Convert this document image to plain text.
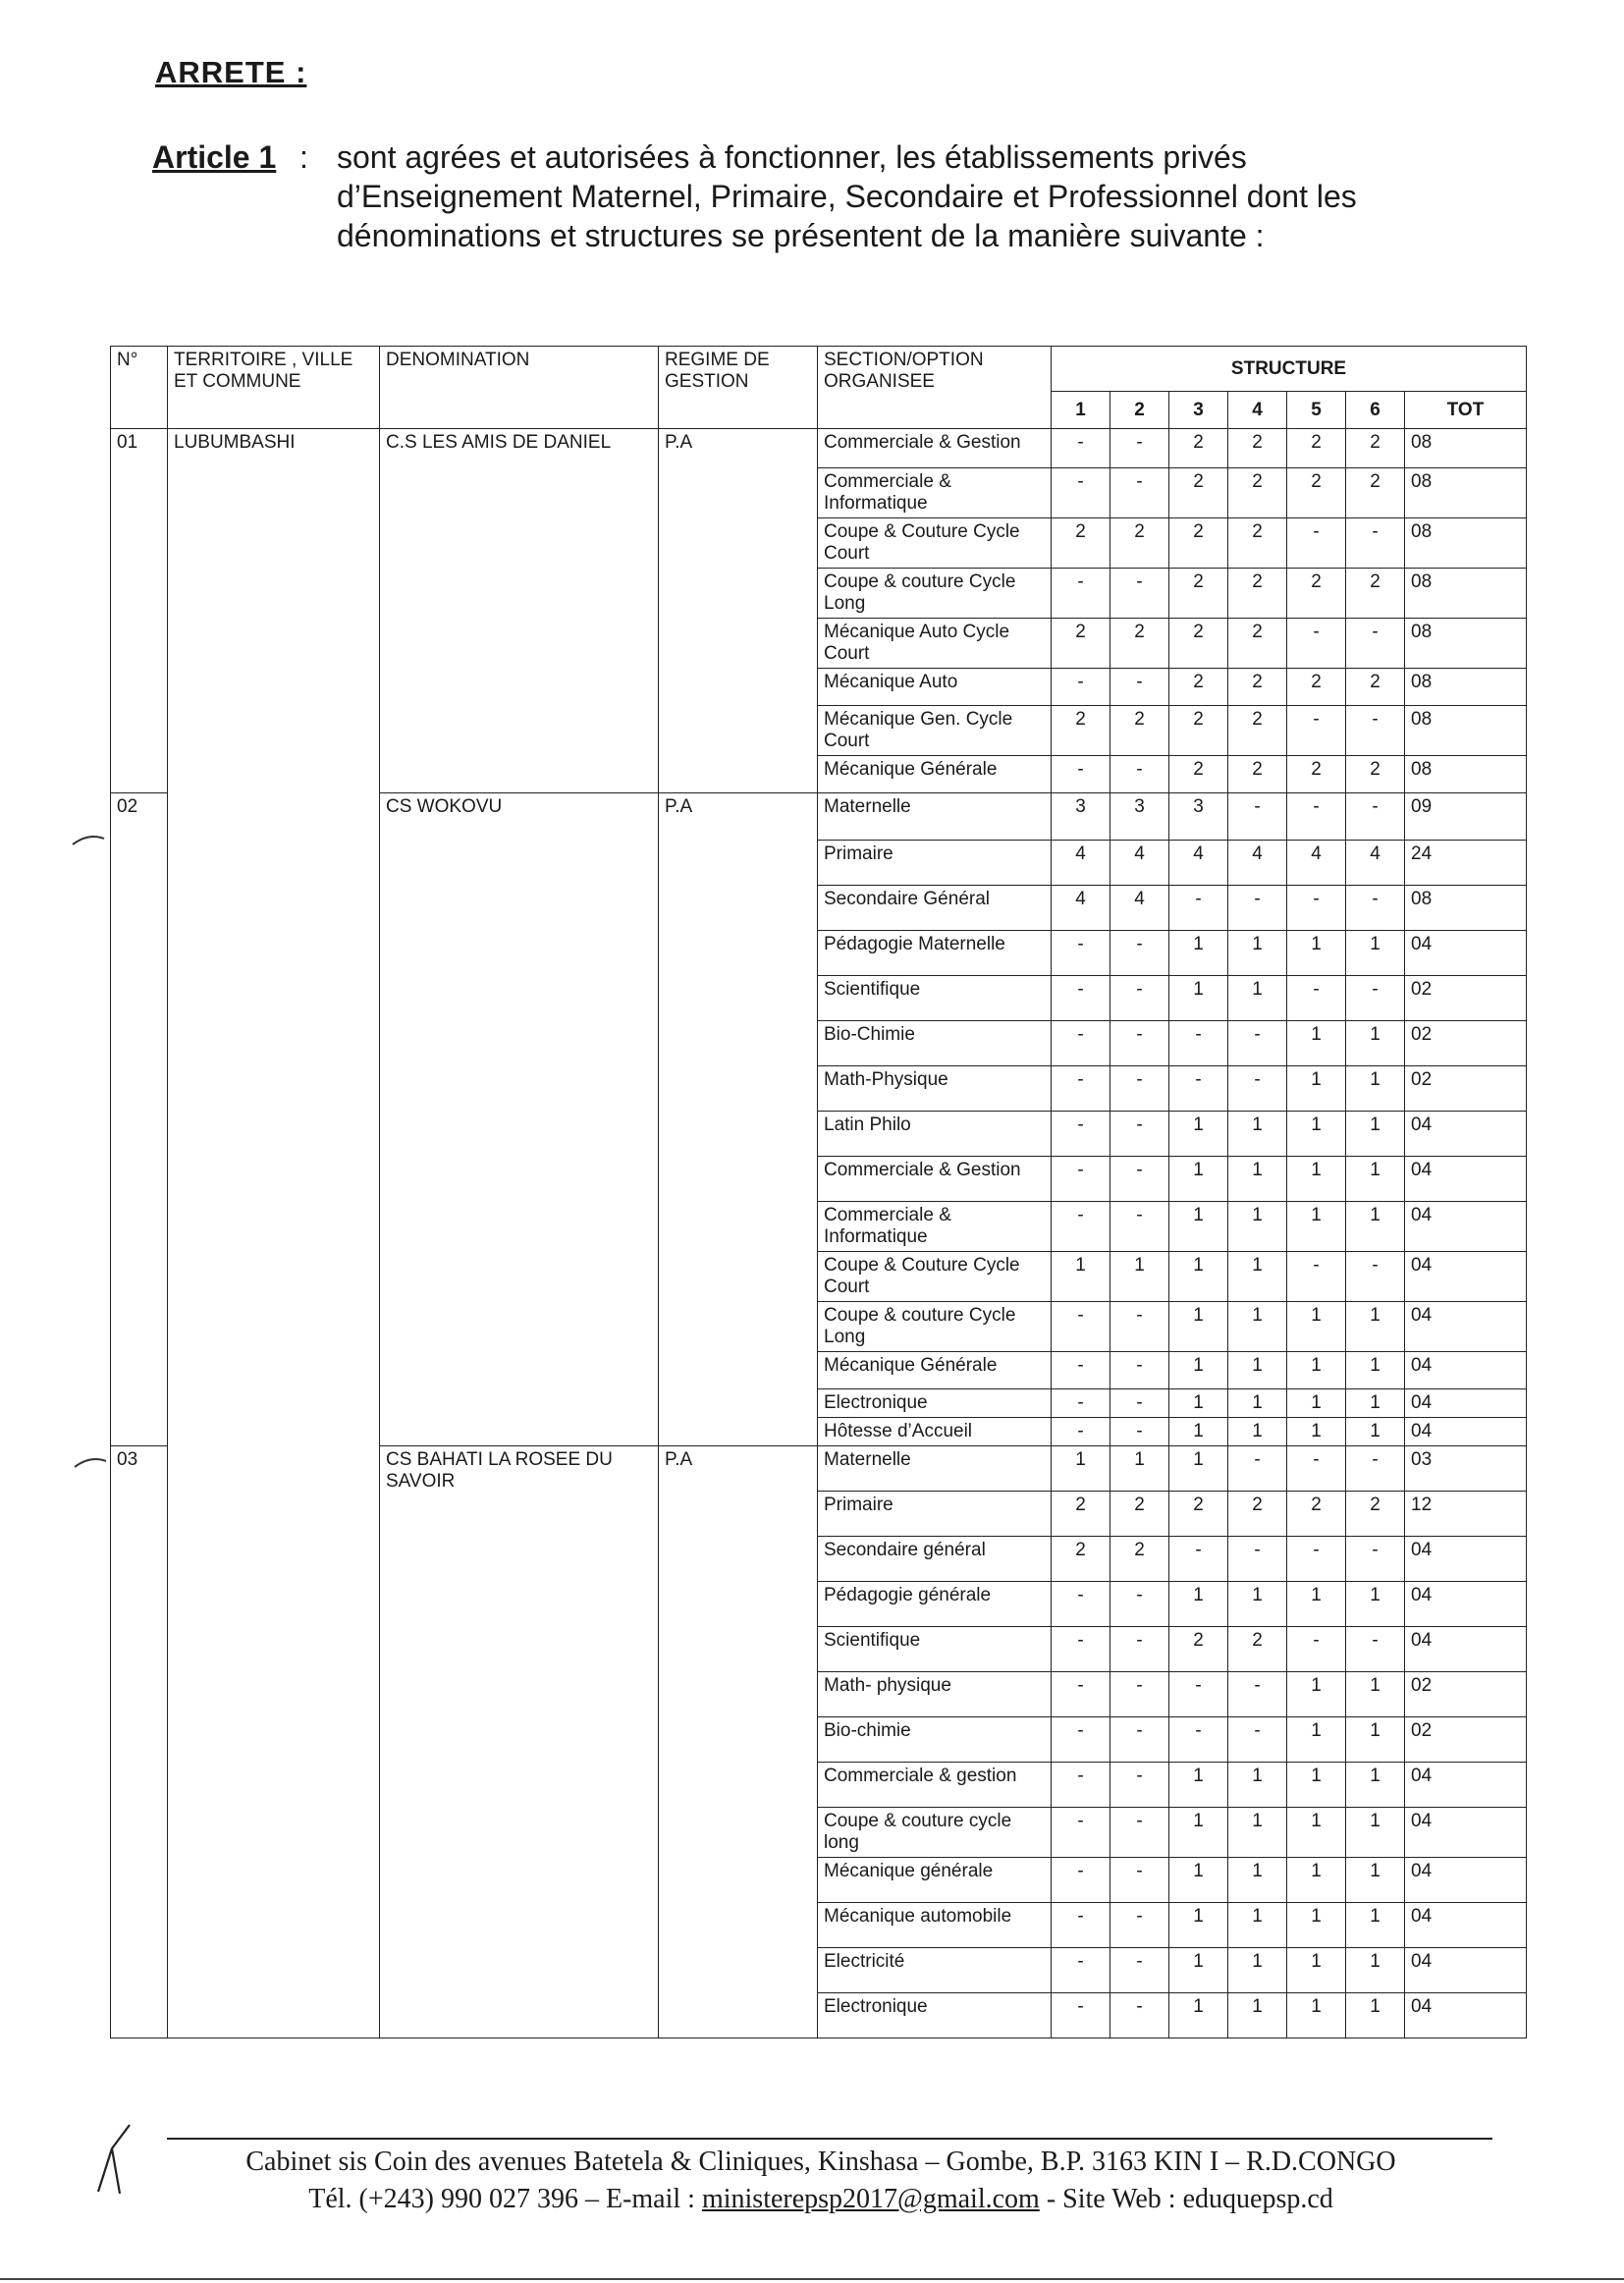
ARRETE :
Article 1 : sont agrées et autorisées à fonctionner, les établissements privés d’Enseignement Maternel, Primaire, Secondaire et Professionnel dont les dénominations et structures se présentent de la manière suivante :
N°	TERRITOIRE , VILLE ET COMMUNE	DENOMINATION	REGIME DE GESTION	SECTION/OPTION ORGANISEE	STRUCTURE						
					1	2	3	4	5	6	TOT
01	LUBUMBASHI	C.S LES AMIS DE DANIEL	P.A	Commerciale & Gestion	-	-	2	2	2	2	08
				Commerciale & Informatique	-	-	2	2	2	2	08
				Coupe & Couture Cycle Court	2	2	2	2	-	-	08
				Coupe & couture Cycle Long	-	-	2	2	2	2	08
				Mécanique Auto Cycle Court	2	2	2	2	-	-	08
				Mécanique Auto	-	-	2	2	2	2	08
				Mécanique Gen. Cycle Court	2	2	2	2	-	-	08
				Mécanique Générale	-	-	2	2	2	2	08
02		CS WOKOVU	P.A	Maternelle	3	3	3	-	-	-	09
				Primaire	4	4	4	4	4	4	24
				Secondaire Général	4	4	-	-	-	-	08
				Pédagogie Maternelle	-	-	1	1	1	1	04
				Scientifique	-	-	1	1	-	-	02
				Bio-Chimie	-	-	-	-	1	1	02
				Math-Physique	-	-	-	-	1	1	02
				Latin Philo	-	-	1	1	1	1	04
				Commerciale & Gestion	-	-	1	1	1	1	04
				Commerciale & Informatique	-	-	1	1	1	1	04
				Coupe & Couture Cycle Court	1	1	1	1	-	-	04
				Coupe & couture Cycle Long	-	-	1	1	1	1	04
				Mécanique Générale	-	-	1	1	1	1	04
				Electronique	-	-	1	1	1	1	04
				Hôtesse d’Accueil	-	-	1	1	1	1	04
03		CS BAHATI LA ROSEE DU SAVOIR	P.A	Maternelle	1	1	1	-	-	-	03
				Primaire	2	2	2	2	2	2	12
				Secondaire général	2	2	-	-	-	-	04
				Pédagogie générale	-	-	1	1	1	1	04
				Scientifique	-	-	2	2	-	-	04
				Math- physique	-	-	-	-	1	1	02
				Bio-chimie	-	-	-	-	1	1	02
				Commerciale & gestion	-	-	1	1	1	1	04
				Coupe & couture cycle long	-	-	1	1	1	1	04
				Mécanique générale	-	-	1	1	1	1	04
				Mécanique automobile	-	-	1	1	1	1	04
				Electricité	-	-	1	1	1	1	04
				Electronique	-	-	1	1	1	1	04
Cabinet sis Coin des avenues Batetela & Cliniques, Kinshasa – Gombe, B.P. 3163 KIN I – R.D.CONGO
Tél. (+243) 990 027 396 – E-mail : ministerepsp2017@gmail.com - Site Web : eduquepsp.cd
